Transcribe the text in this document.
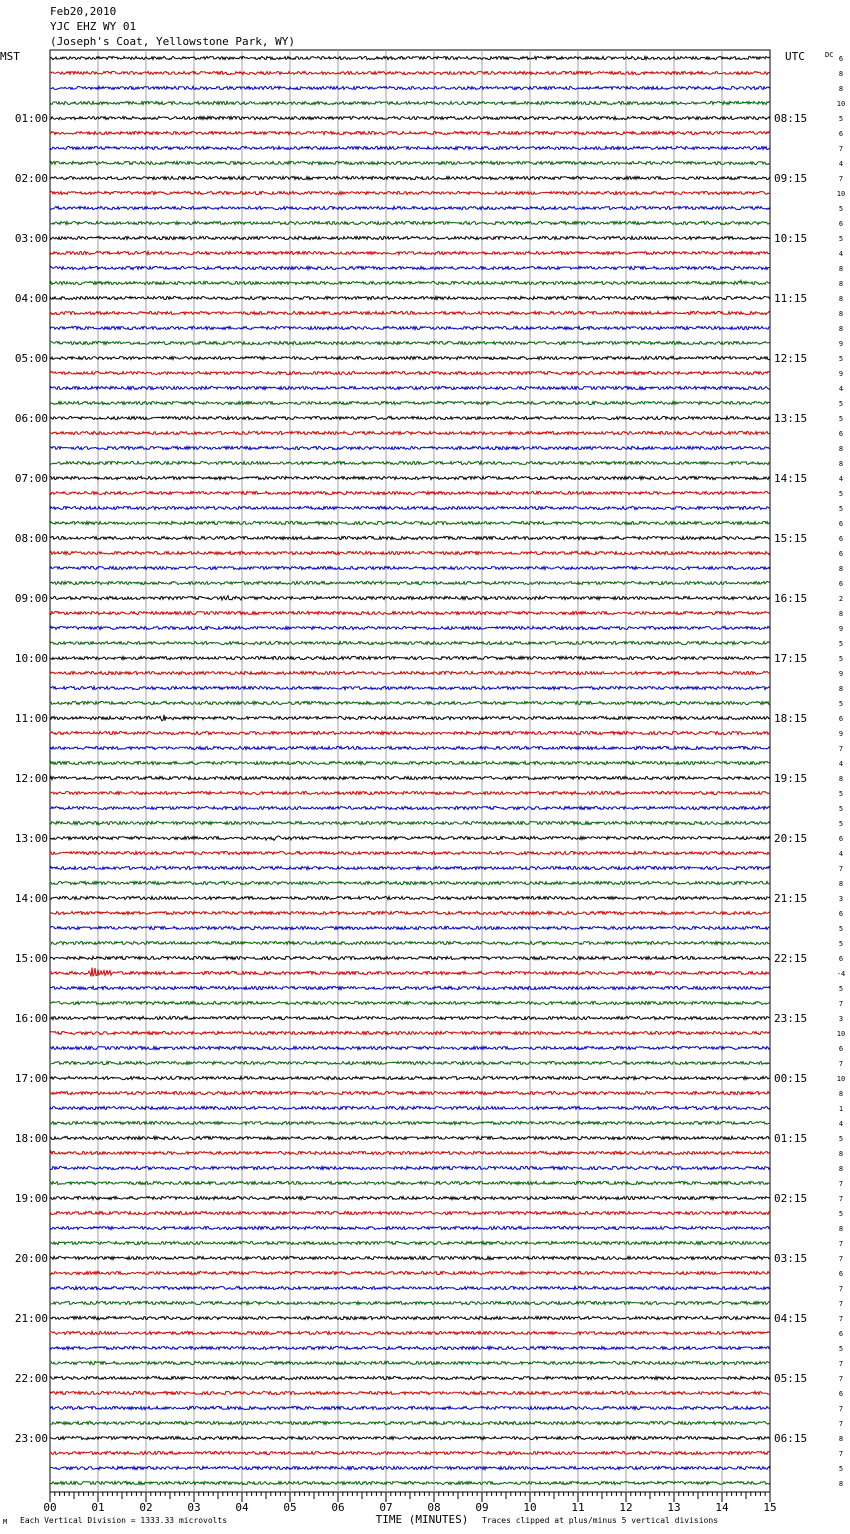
Feb20,2010
YJC EHZ WY 01
(Joseph's Coat, Yellowstone Park, WY)
6
8
8
10
5
6
7
4
7
10
5
6
5
4
8
8
8
8
8
9
5
9
4
5
5
6
8
8
4
5
5
6
6
6
8
6
2
8
9
5
5
9
8
5
6
9
7
4
8
5
5
5
6
4
7
8
3
6
5
5
6
-4
5
7
3
10
6
7
10
8
1
4
5
8
8
7
7
5
8
7
7
6
7
7
7
6
5
7
7
6
7
7
8
7
5
8
MST	UTC	DC
01:00
02:00
03:00
04:00
05:00
06:00
07:00
08:00
09:00
10:00
11:00
12:00
13:00
14:00
15:00
16:00
17:00
18:00
19:00
20:00
21:00
22:00
23:00
08:15
09:15
10:15
11:15
12:15
13:15
14:15
15:15
16:15
17:15
18:15
19:15
20:15
21:15
22:15
23:15
00:15
01:15
02:15
03:15
04:15
05:15
06:15
00	01	02	03	04	05	06	07	08	09	10	11	12	13	14	15
TIME (MINUTES)
Each Vertical Division = 1333.33 microvolts	Traces clipped at plus/minus 5 vertical divisions
M
